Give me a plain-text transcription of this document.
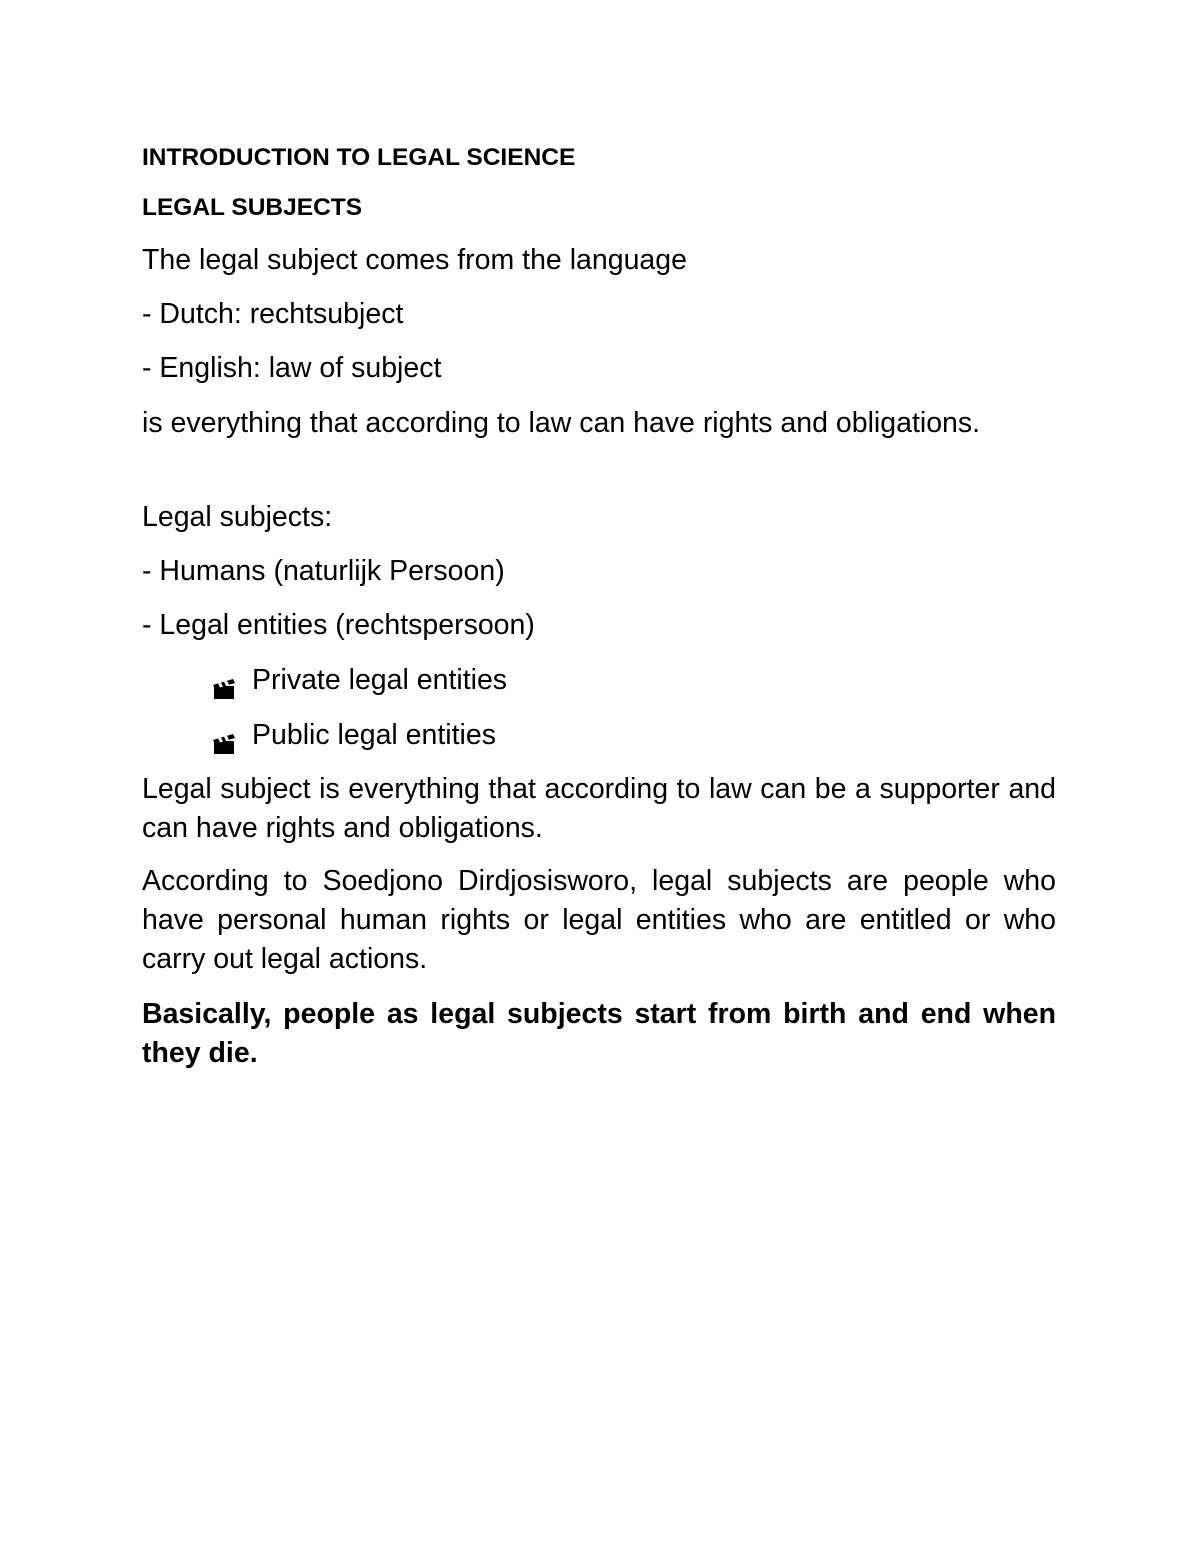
INTRODUCTION TO LEGAL SCIENCE
LEGAL SUBJECTS
The legal subject comes from the language
- Dutch: rechtsubject
- English: law of subject
is everything that according to law can have rights and obligations.
Legal subjects:
- Humans (naturlijk Persoon)
- Legal entities (rechtspersoon)
Private legal entities
Public legal entities
Legal subject is everything that according to law can be a supporter and can have rights and obligations.
According to Soedjono Dirdjosisworo, legal subjects are people who have personal human rights or legal entities who are entitled or who carry out legal actions.
Basically, people as legal subjects start from birth and end when they die.
